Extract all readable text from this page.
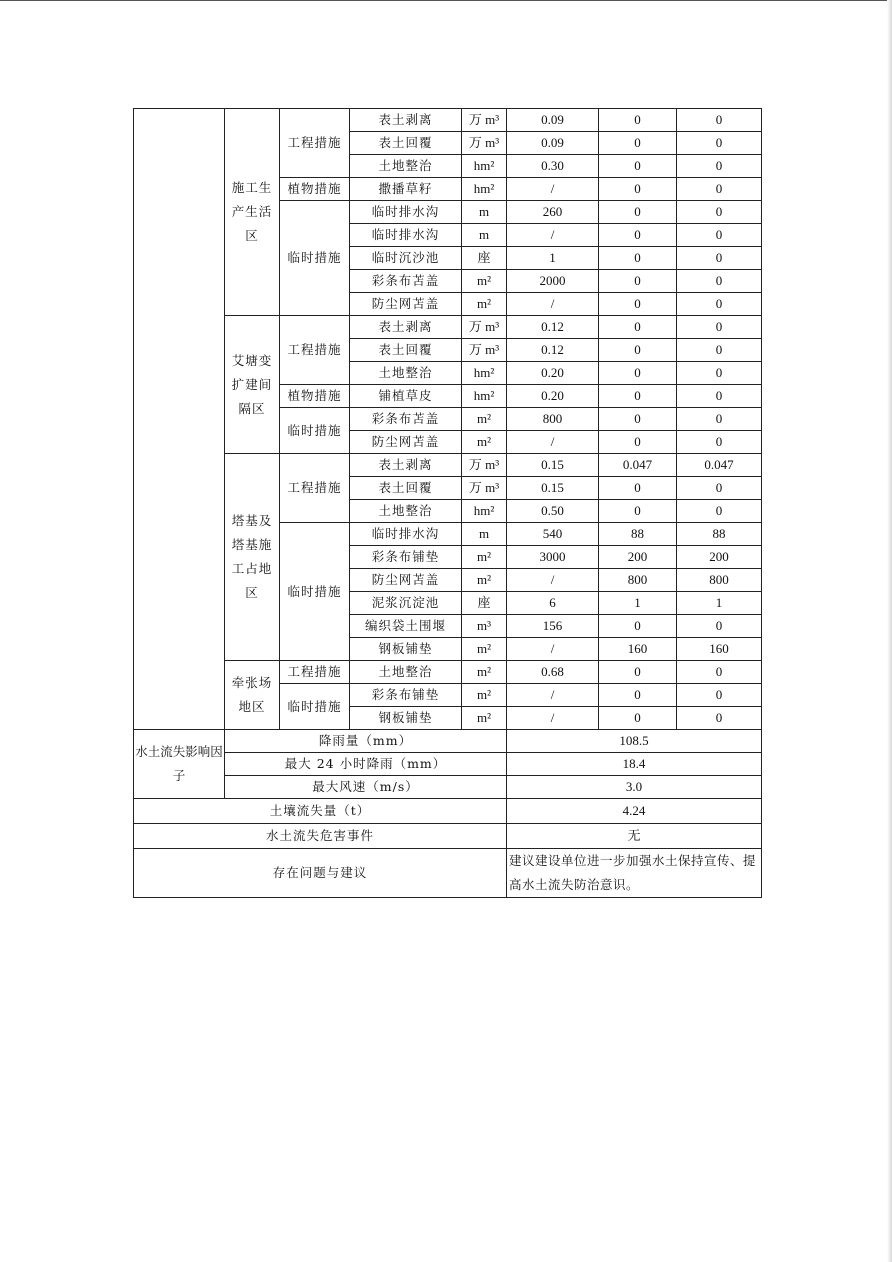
	施工生产生活区	工程措施	表土剥离	万 m³	0.09	0	0
			表土回覆	万 m³	0.09	0	0
			土地整治	hm²	0.30	0	0
		植物措施	撒播草籽	hm²	/	0	0
		临时措施	临时排水沟	m	260	0	0
			临时排水沟	m	/	0	0
			临时沉沙池	座	1	0	0
			彩条布苫盖	m²	2000	0	0
			防尘网苫盖	m²	/	0	0
	艾塘变扩建间隔区	工程措施	表土剥离	万 m³	0.12	0	0
			表土回覆	万 m³	0.12	0	0
			土地整治	hm²	0.20	0	0
		植物措施	铺植草皮	hm²	0.20	0	0
		临时措施	彩条布苫盖	m²	800	0	0
			防尘网苫盖	m²	/	0	0
	塔基及塔基施工占地区	工程措施	表土剥离	万 m³	0.15	0.047	0.047
			表土回覆	万 m³	0.15	0	0
			土地整治	hm²	0.50	0	0
		临时措施	临时排水沟	m	540	88	88
			彩条布铺垫	m²	3000	200	200
			防尘网苫盖	m²	/	800	800
			泥浆沉淀池	座	6	1	1
			编织袋土围堰	m³	156	0	0
			钢板铺垫	m²	/	160	160
	牵张场地区	工程措施	土地整治	m²	0.68	0	0
		临时措施	彩条布铺垫	m²	/	0	0
			钢板铺垫	m²	/	0	0
水土流失影响因子	降雨量（mm）				108.5		
	最大 24 小时降雨（mm）				18.4		
	最大风速（m/s）				3.0		
土壤流失量（t）					4.24		
水土流失危害事件					无		
存在问题与建议					建议建设单位进一步加强水土保持宣传、提高水土流失防治意识。		
